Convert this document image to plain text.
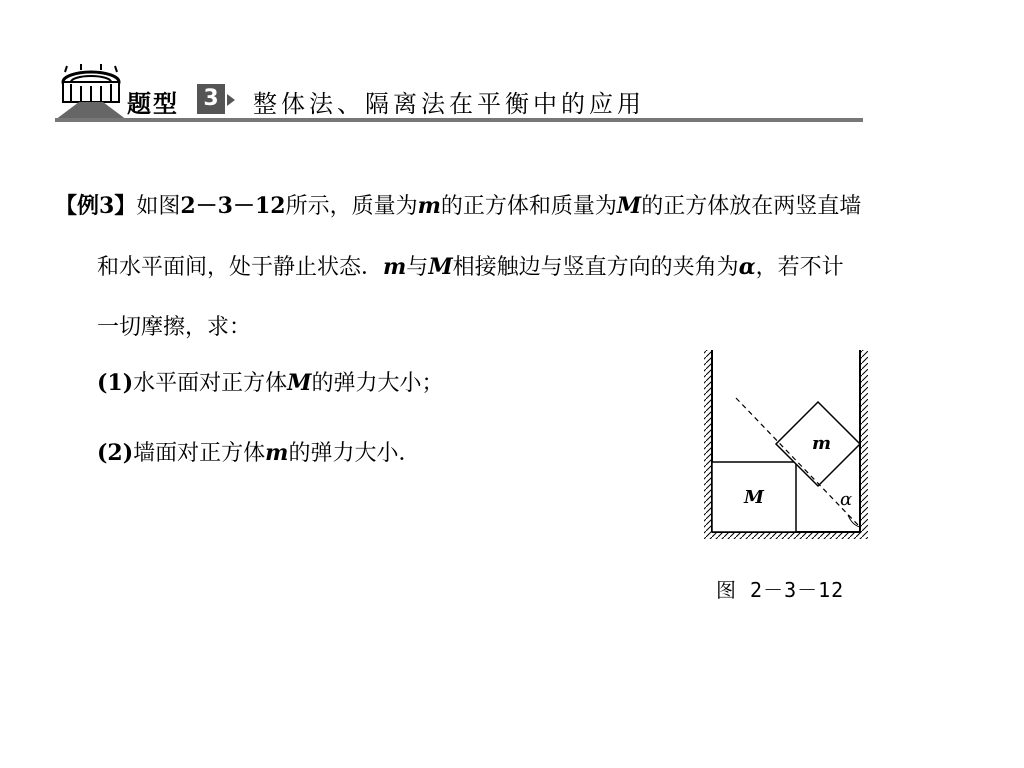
题型 3 整体法、隔离法在平衡中的应用
【例3】如图2－3－12所示，质量为m的正方体和质量为M的正方体放在两竖直墙
和水平面间，处于静止状态．m与M相接触边与竖直方向的夹角为α，若不计
一切摩擦，求：
(1)水平面对正方体M的弹力大小；
(2)墙面对正方体m的弹力大小．
M
m
α
图 2－3－12
